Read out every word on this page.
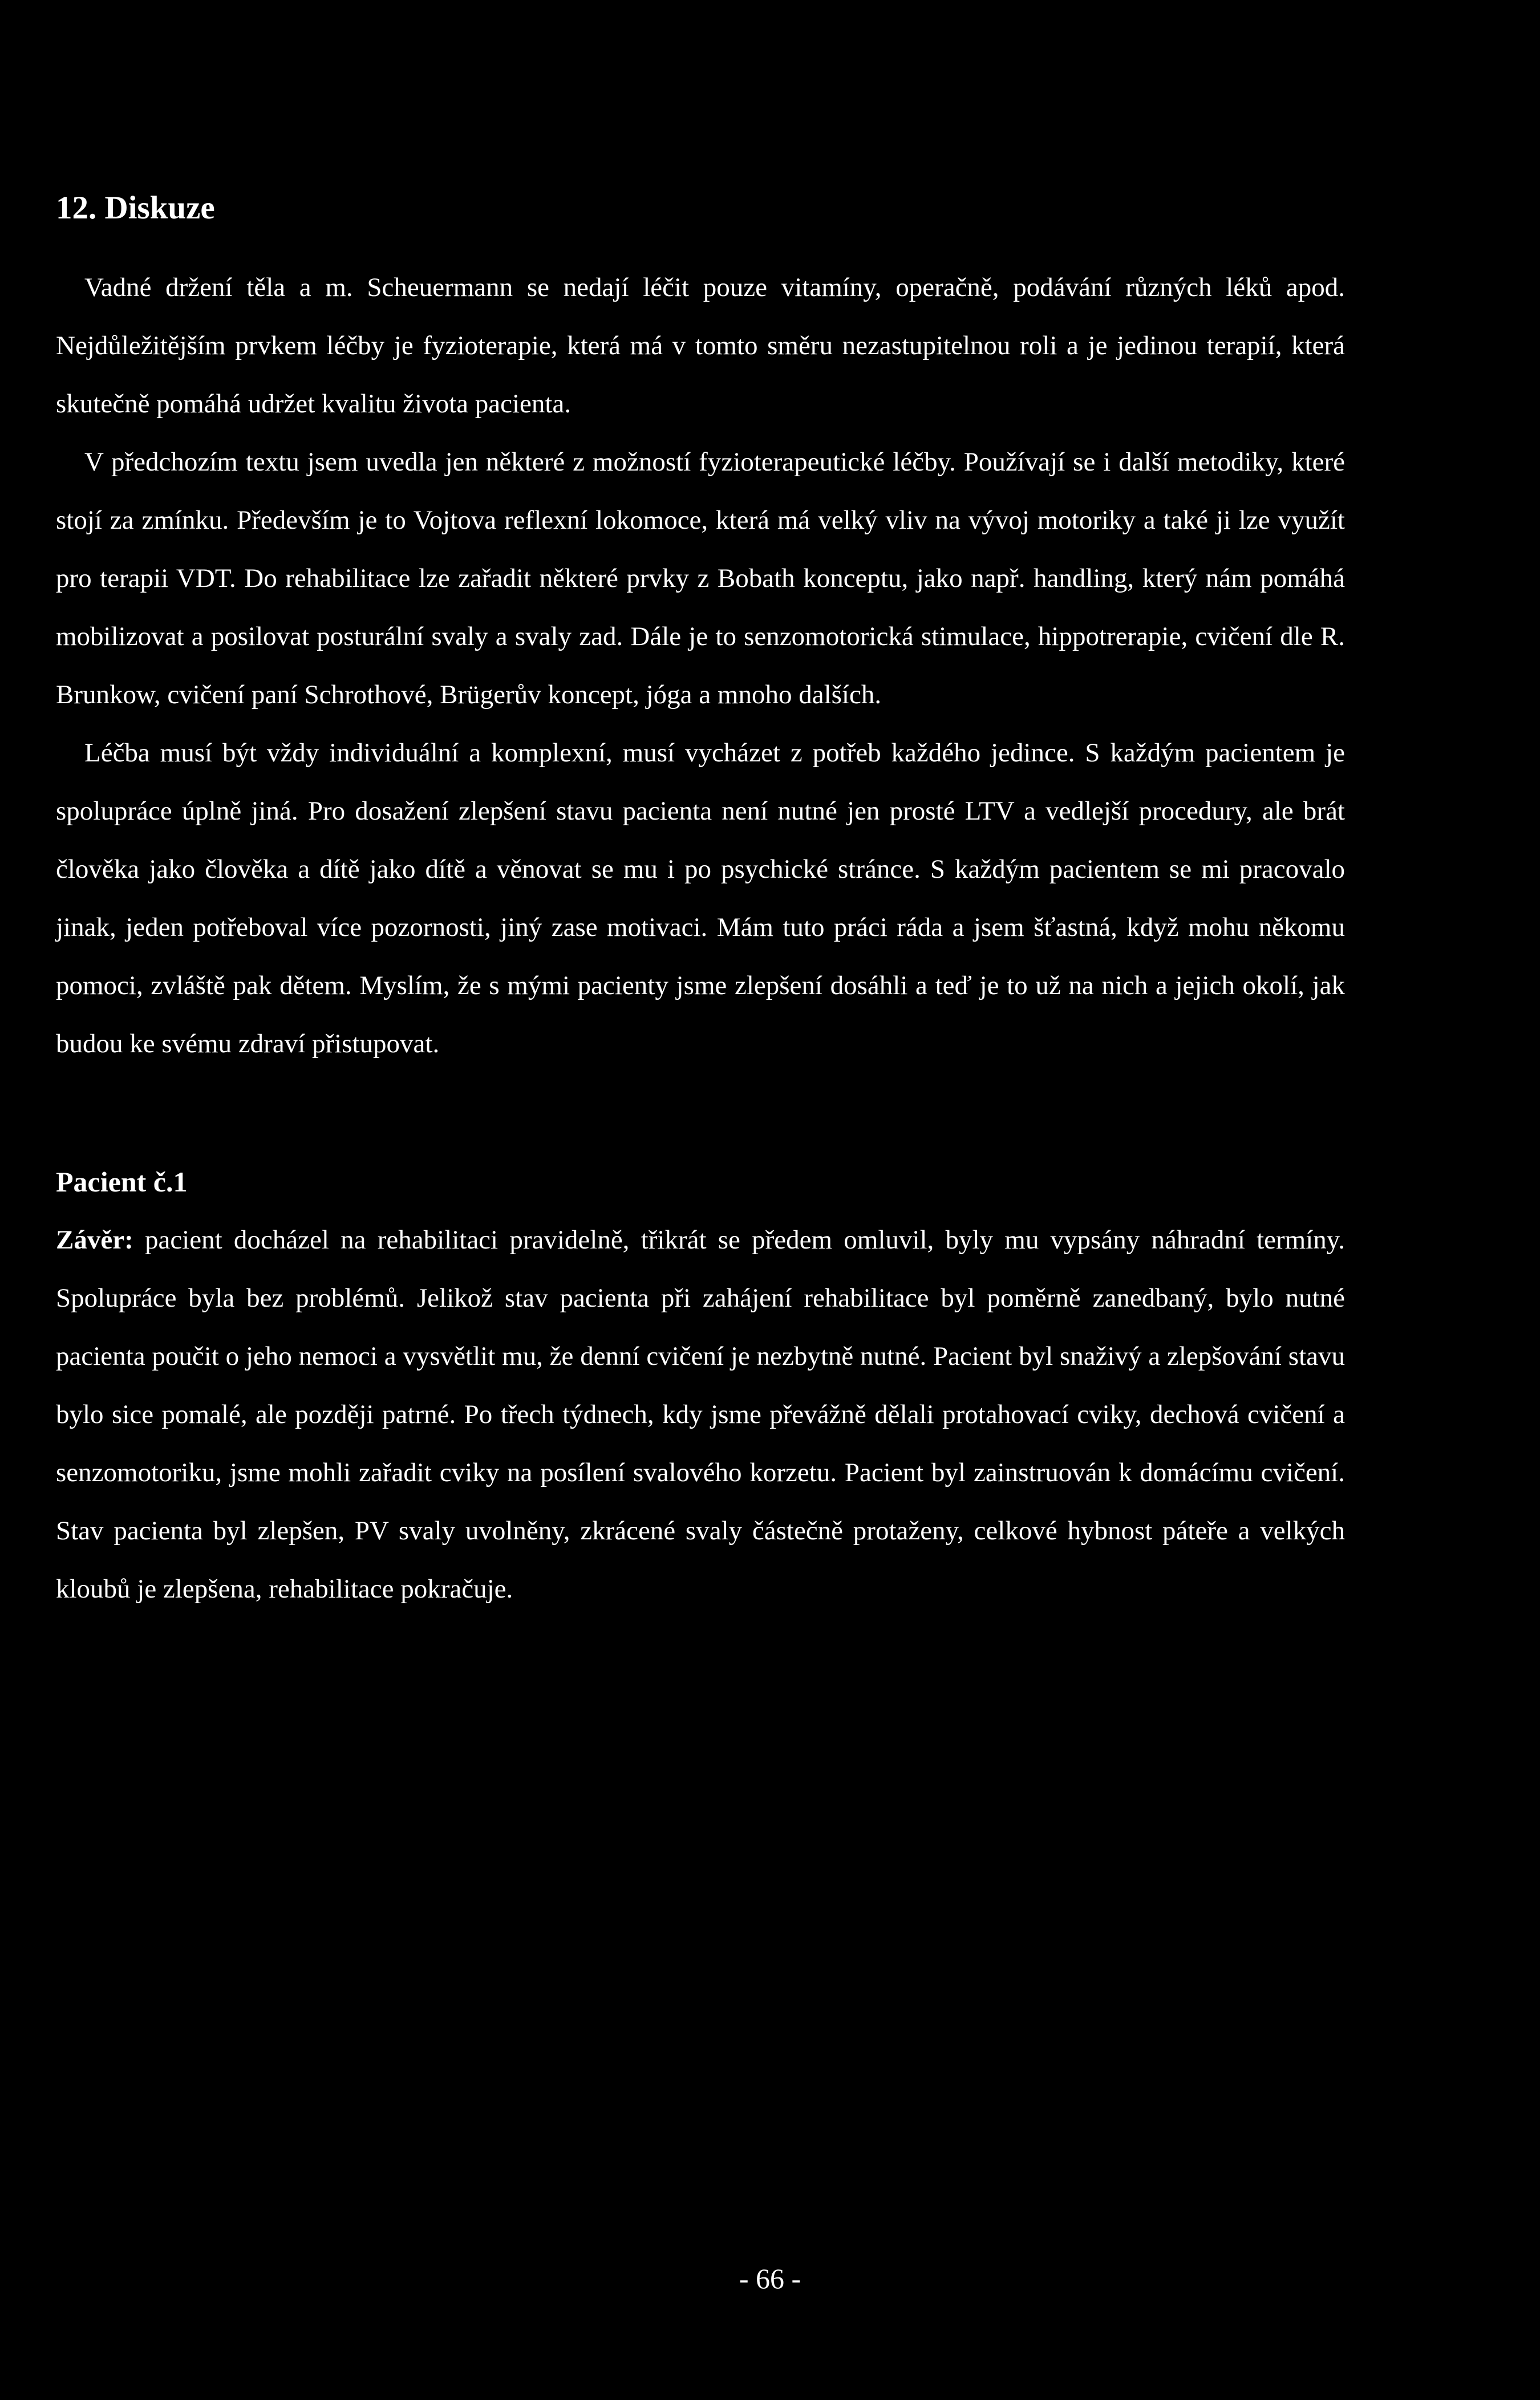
12. Diskuze

Vadné držení těla a m. Scheuermann se nedají léčit pouze vitamíny, operačně, podávání různých léků apod. Nejdůležitějším prvkem léčby je fyzioterapie, která má v tomto směru nezastupitelnou roli a je jedinou terapií, která skutečně pomáhá udržet kvalitu života pacienta.

V předchozím textu jsem uvedla jen některé z možností fyzioterapeutické léčby. Používají se i další metodiky, které stojí za zmínku. Především je to Vojtova reflexní lokomoce, která má velký vliv na vývoj motoriky a také ji lze využít pro terapii VDT. Do rehabilitace lze zařadit některé prvky z Bobath konceptu, jako např. handling, který nám pomáhá mobilizovat a posilovat posturální svaly a svaly zad. Dále je to senzomotorická stimulace, hippotrerapie, cvičení dle R. Brunkow, cvičení paní Schrothové, Brügerův koncept, jóga a mnoho dalších.

Léčba musí být vždy individuální a komplexní, musí vycházet z potřeb každého jedince. S každým pacientem je spolupráce úplně jiná. Pro dosažení zlepšení stavu pacienta není nutné jen prosté LTV a vedlejší procedury, ale brát člověka jako člověka a dítě jako dítě a věnovat se mu i po psychické stránce. S každým pacientem se mi pracovalo jinak, jeden potřeboval více pozornosti, jiný zase motivaci. Mám tuto práci ráda a jsem šťastná, když mohu někomu pomoci, zvláště pak dětem. Myslím, že s mými pacienty jsme zlepšení dosáhli a teď je to už na nich a jejich okolí, jak budou ke svému zdraví přistupovat.

Pacient č.1

Závěr: pacient docházel na rehabilitaci pravidelně, třikrát se předem omluvil, byly mu vypsány náhradní termíny. Spolupráce byla bez problémů. Jelikož stav pacienta při zahájení rehabilitace byl poměrně zanedbaný, bylo nutné pacienta poučit o jeho nemoci a vysvětlit mu, že denní cvičení je nezbytně nutné. Pacient byl snaživý a zlepšování stavu bylo sice pomalé, ale později patrné. Po třech týdnech, kdy jsme převážně dělali protahovací cviky, dechová cvičení a senzomotoriku, jsme mohli zařadit cviky na posílení svalového korzetu. Pacient byl zainstruován k domácímu cvičení. Stav pacienta byl zlepšen, PV svaly uvolněny, zkrácené svaly částečně protaženy, celkové hybnost páteře a velkých kloubů je zlepšena, rehabilitace pokračuje.

- 66 -
